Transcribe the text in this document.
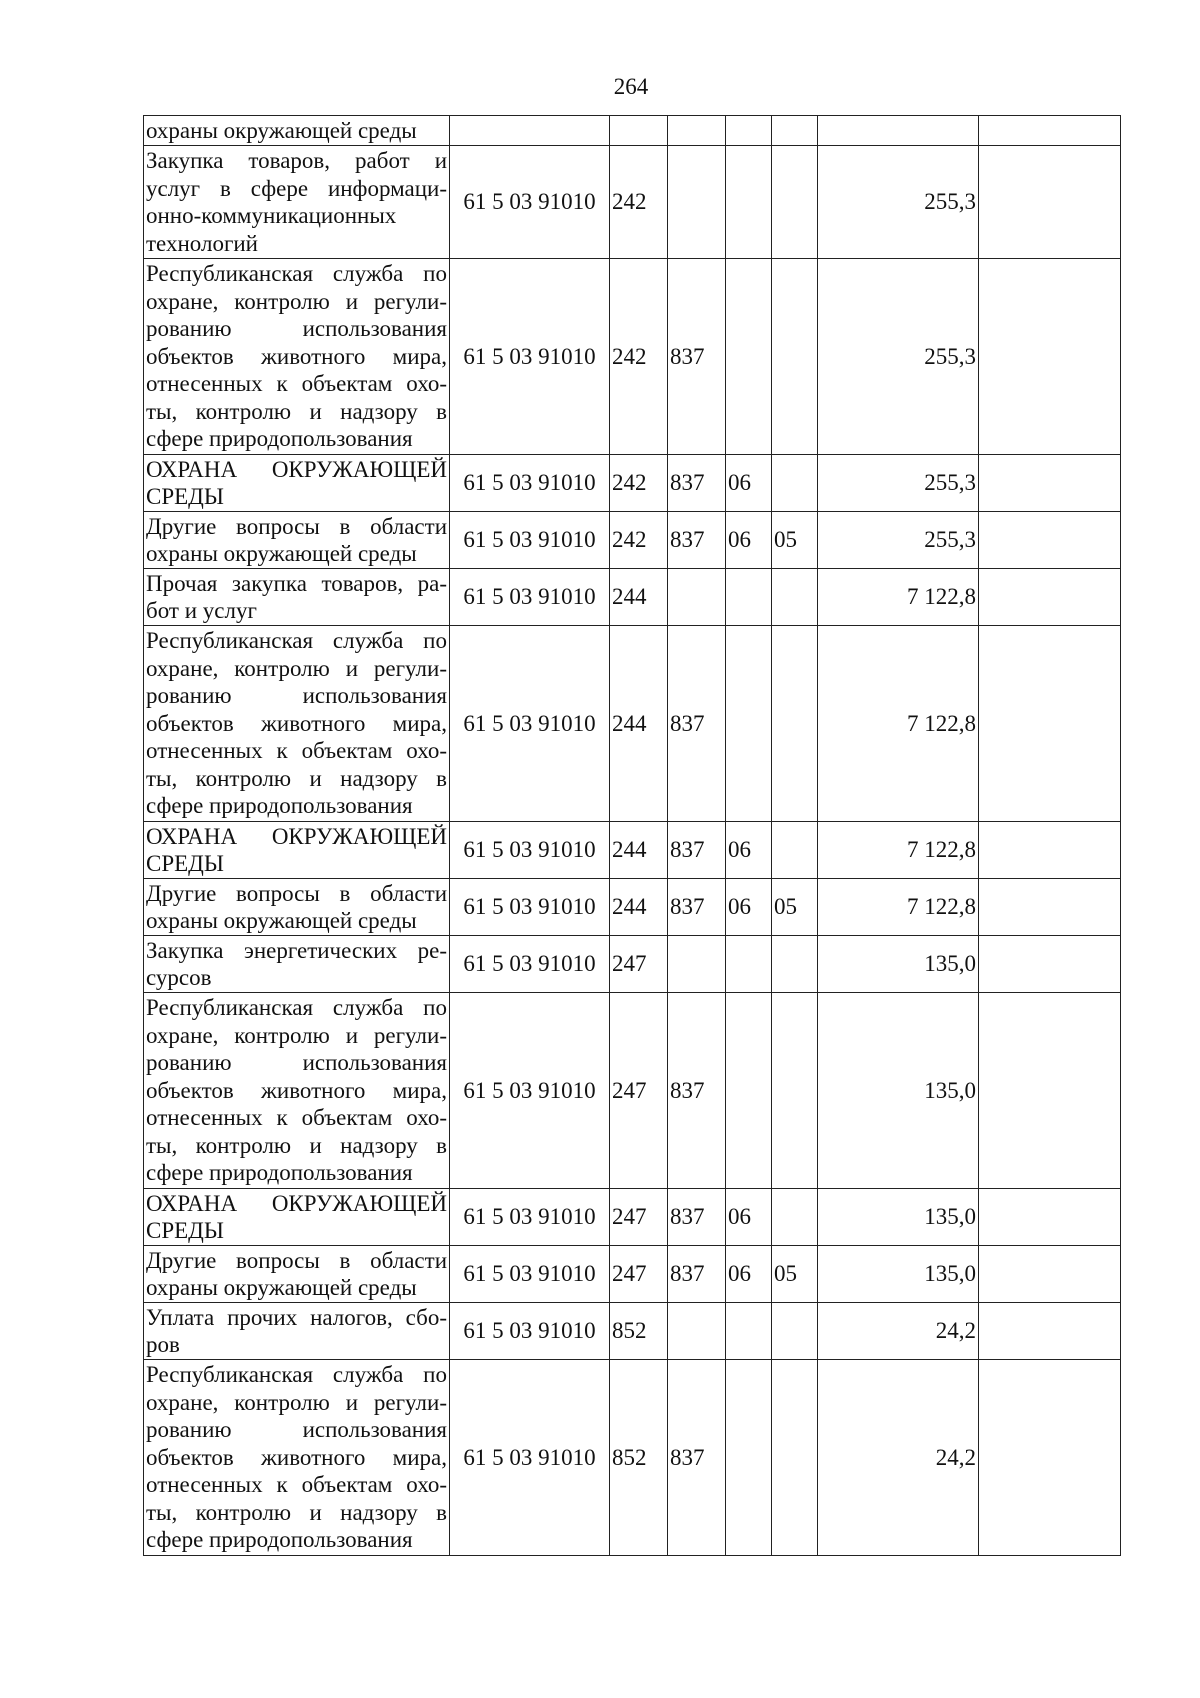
264
охраны окружающей среды							
Закупка товаров, работ и услуг в сфере информаци-онно-коммуникационных технологий	61 5 03 91010	242				255,3	
Республиканская служба по охране, контролю и регули-рованию использования объектов животного мира, отнесенных к объектам охо-ты, контролю и надзору в сфере природопользования	61 5 03 91010	242	837			255,3	
ОХРАНА ОКРУЖАЮЩЕЙ СРЕДЫ	61 5 03 91010	242	837	06		255,3	
Другие вопросы в области охраны окружающей среды	61 5 03 91010	242	837	06	05	255,3	
Прочая закупка товаров, ра-бот и услуг	61 5 03 91010	244				7 122,8	
Республиканская служба по охране, контролю и регули-рованию использования объектов животного мира, отнесенных к объектам охо-ты, контролю и надзору в сфере природопользования	61 5 03 91010	244	837			7 122,8	
ОХРАНА ОКРУЖАЮЩЕЙ СРЕДЫ	61 5 03 91010	244	837	06		7 122,8	
Другие вопросы в области охраны окружающей среды	61 5 03 91010	244	837	06	05	7 122,8	
Закупка энергетических ре-сурсов	61 5 03 91010	247				135,0	
Республиканская служба по охране, контролю и регули-рованию использования объектов животного мира, отнесенных к объектам охо-ты, контролю и надзору в сфере природопользования	61 5 03 91010	247	837			135,0	
ОХРАНА ОКРУЖАЮЩЕЙ СРЕДЫ	61 5 03 91010	247	837	06		135,0	
Другие вопросы в области охраны окружающей среды	61 5 03 91010	247	837	06	05	135,0	
Уплата прочих налогов, сбо-ров	61 5 03 91010	852				24,2	
Республиканская служба по охране, контролю и регули-рованию использования объектов животного мира, отнесенных к объектам охо-ты, контролю и надзору в сфере природопользования	61 5 03 91010	852	837			24,2	
